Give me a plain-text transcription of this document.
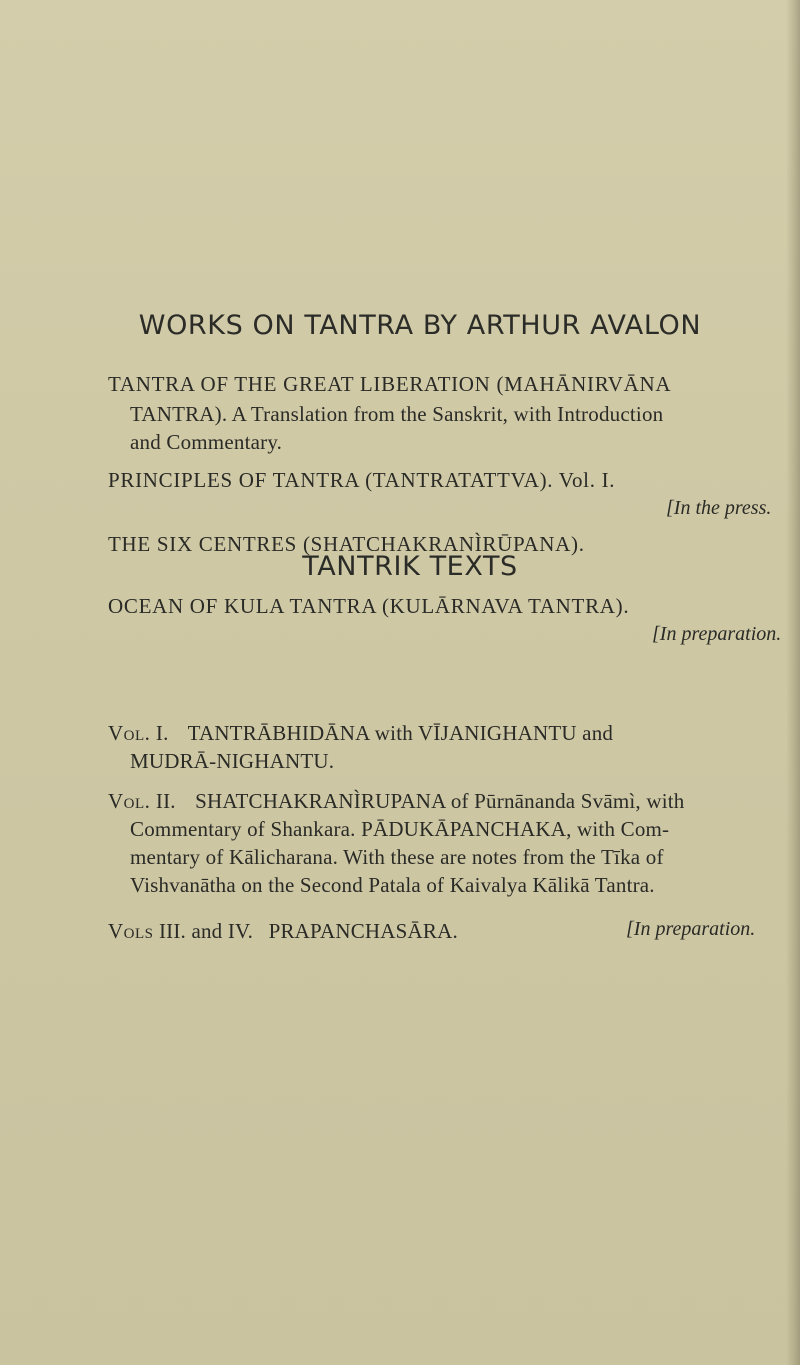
WORKS ON TANTRA BY ARTHUR AVALON
TANTRA OF THE GREAT LIBERATION (MAHĀNIRVĀNA
TANTRA). A Translation from the Sanskrit, with Introduction
and Commentary.
PRINCIPLES OF TANTRA (TANTRATATTVA). Vol. I.
[In the press.
THE SIX CENTRES (SHATCHAKRANÌRŪPANA).
OCEAN OF KULA TANTRA (KULĀRNAVA TANTRA).
[In preparation.
TANTRIK TEXTS
Vol. I. TANTRĀBHIDĀNA with VĪJANIGHANTU and
MUDRĀ-NIGHANTU.
Vol. II. SHATCHAKRANÌRUPANA of Pūrnānanda Svāmì, with
Commentary of Shankara. PĀDUKĀPANCHAKA, with Com-
mentary of Kālicharana. With these are notes from the Tīka of
Vishvanātha on the Second Patala of Kaivalya Kālikā Tantra.
Vols III. and IV. PRAPANCHASĀRA.	[In preparation.
